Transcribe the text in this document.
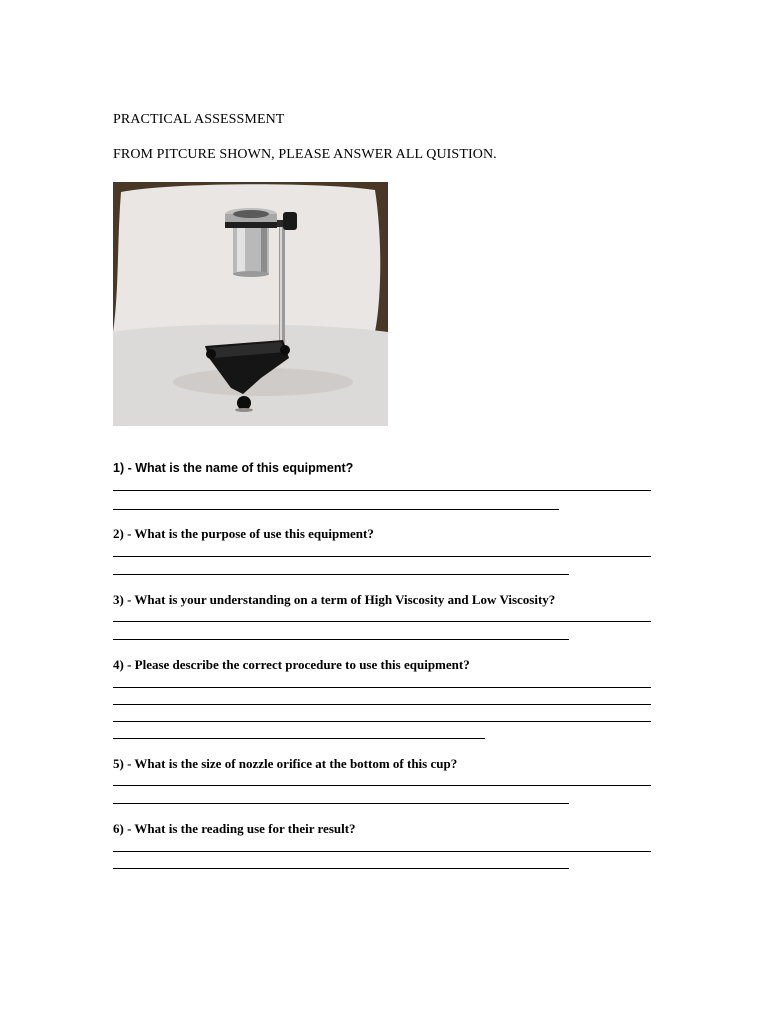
PRACTICAL ASSESSMENT
FROM PITCURE SHOWN, PLEASE ANSWER ALL QUISTION.
1) - What is the name of this equipment?
2) - What is the purpose of use this equipment?
3) - What is your understanding on a term of High Viscosity and Low Viscosity?
4) - Please describe the correct procedure to use this equipment?
5) - What is the size of nozzle orifice at the bottom of this cup?
6) - What is the reading use for their result?
